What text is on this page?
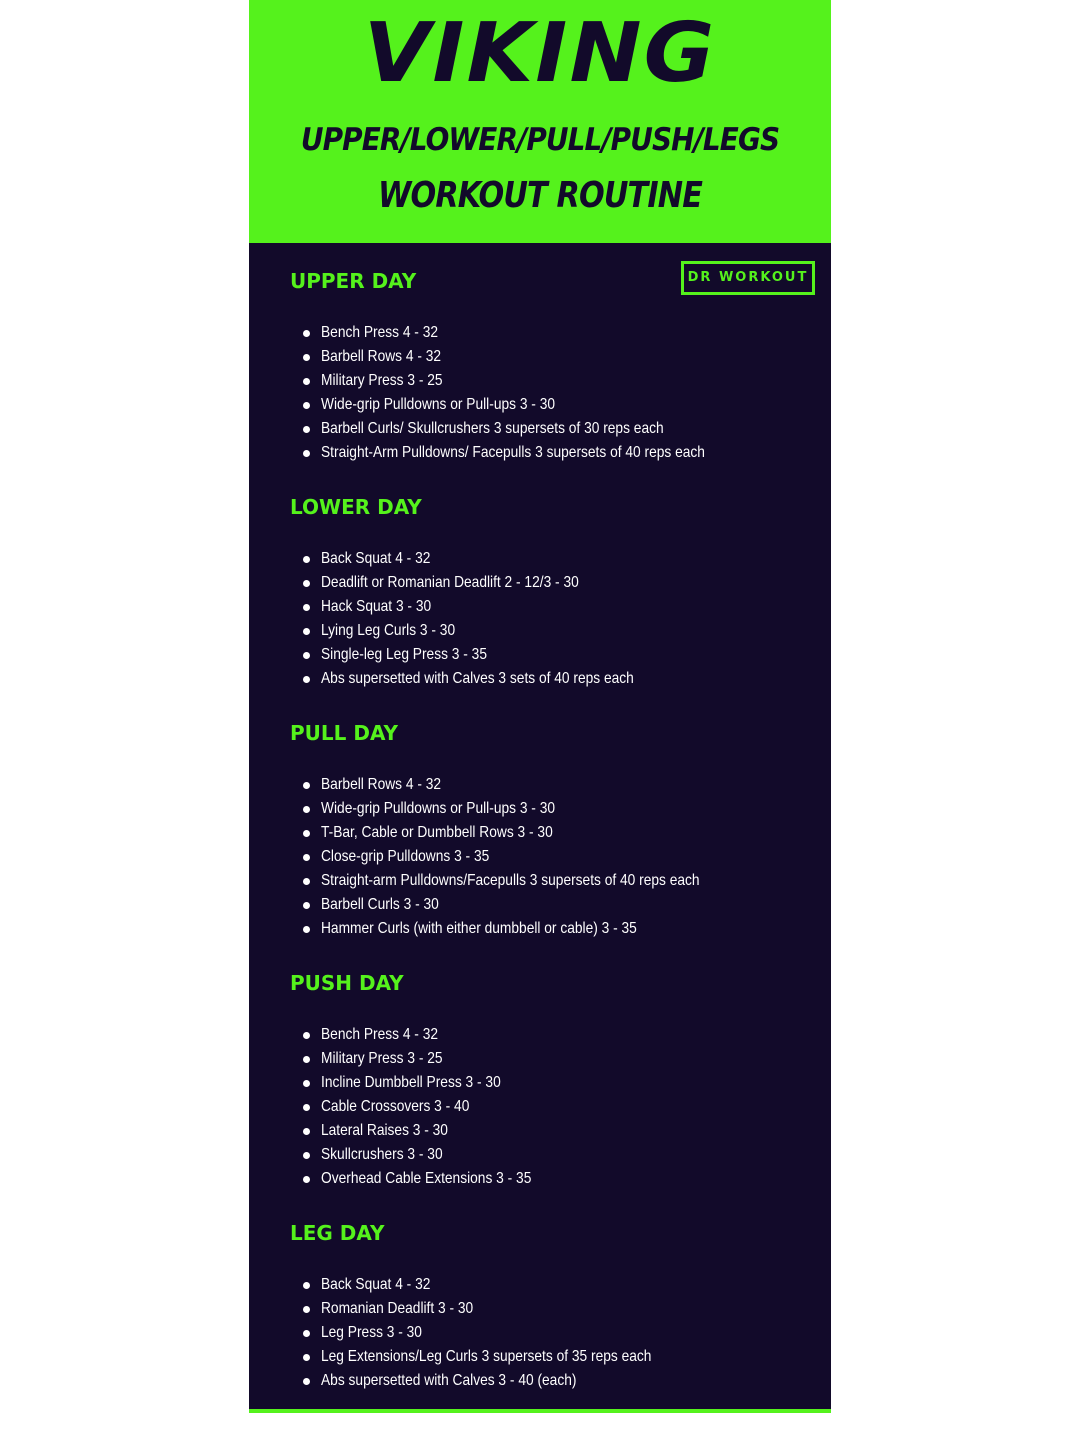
VIKING
UPPER/LOWER/PULL/PUSH/LEGS
WORKOUT ROUTINE
DR WORKOUT
UPPER DAY
Bench Press 4 - 32
Barbell Rows 4 - 32
Military Press 3 - 25
Wide-grip Pulldowns or Pull-ups 3 - 30
Barbell Curls/ Skullcrushers 3 supersets of 30 reps each
Straight-Arm Pulldowns/ Facepulls 3 supersets of 40 reps each
LOWER DAY
Back Squat 4 - 32
Deadlift or Romanian Deadlift 2 - 12/3 - 30
Hack Squat 3 - 30
Lying Leg Curls 3 - 30
Single-leg Leg Press 3 - 35
Abs supersetted with Calves 3 sets of 40 reps each
PULL DAY
Barbell Rows 4 - 32
Wide-grip Pulldowns or Pull-ups 3 - 30
T-Bar, Cable or Dumbbell Rows 3 - 30
Close-grip Pulldowns 3 - 35
Straight-arm Pulldowns/Facepulls 3 supersets of 40 reps each
Barbell Curls 3 - 30
Hammer Curls (with either dumbbell or cable) 3 - 35
PUSH DAY
Bench Press 4 - 32
Military Press 3 - 25
Incline Dumbbell Press 3 - 30
Cable Crossovers 3 - 40
Lateral Raises 3 - 30
Skullcrushers 3 - 30
Overhead Cable Extensions 3 - 35
LEG DAY
Back Squat 4 - 32
Romanian Deadlift 3 - 30
Leg Press 3 - 30
Leg Extensions/Leg Curls 3 supersets of 35 reps each
Abs supersetted with Calves 3 - 40 (each)
